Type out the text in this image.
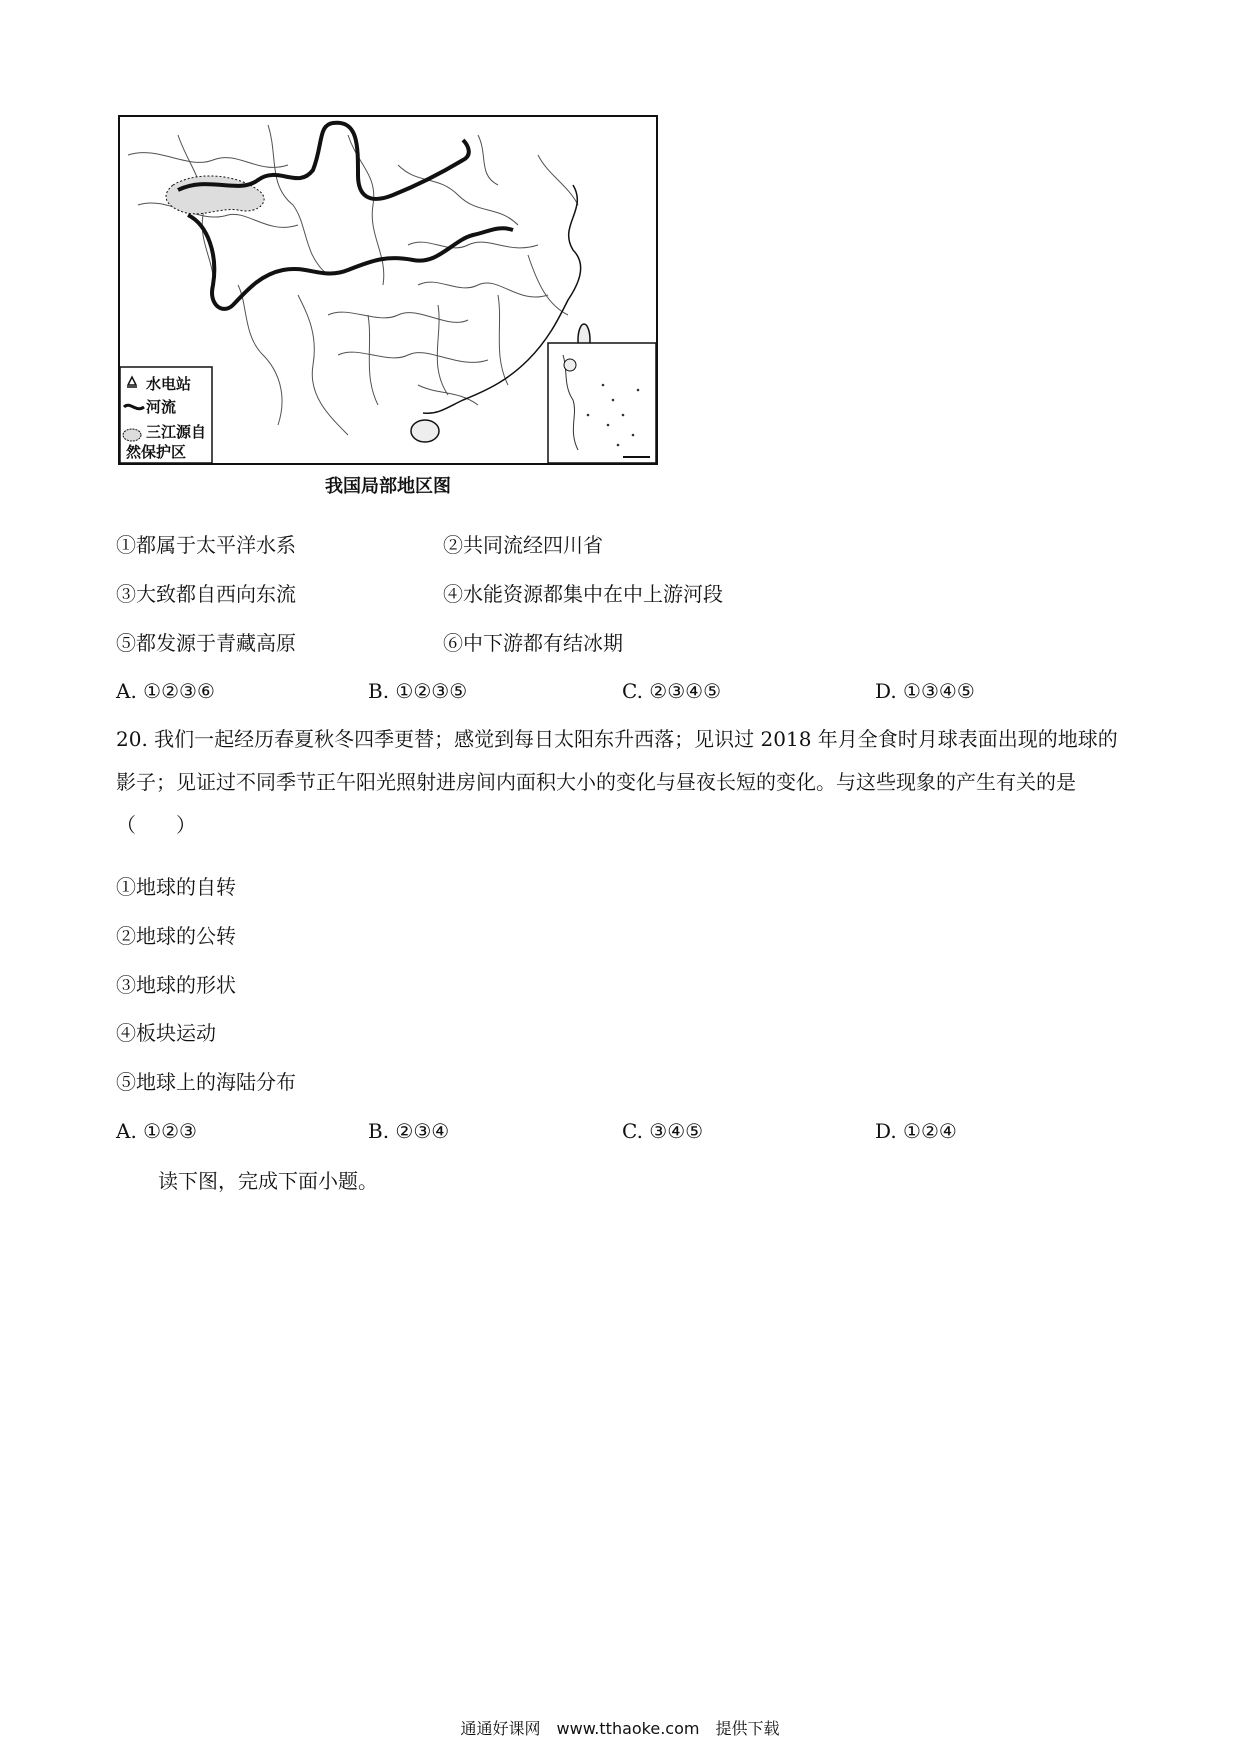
水电站
河流
三江源自
然保护区
我国局部地区图
①都属于太平洋水系	②共同流经四川省
③大致都自西向东流	④水能资源都集中在中上游河段
⑤都发源于青藏高原	⑥中下游都有结冰期
A. ①②③⑥	B. ①②③⑤	C. ②③④⑤	D. ①③④⑤
20. 我们一起经历春夏秋冬四季更替；感觉到每日太阳东升西落；见识过 2018 年月全食时月球表面出现的地球的影子；见证过不同季节正午阳光照射进房间内面积大小的变化与昼夜长短的变化。与这些现象的产生有关的是（　　）
①地球的自转
②地球的公转
③地球的形状
④板块运动
⑤地球上的海陆分布
A. ①②③	B. ②③④	C. ③④⑤	D. ①②④
读下图，完成下面小题。
通通好课网　www.tthaoke.com　提供下载
